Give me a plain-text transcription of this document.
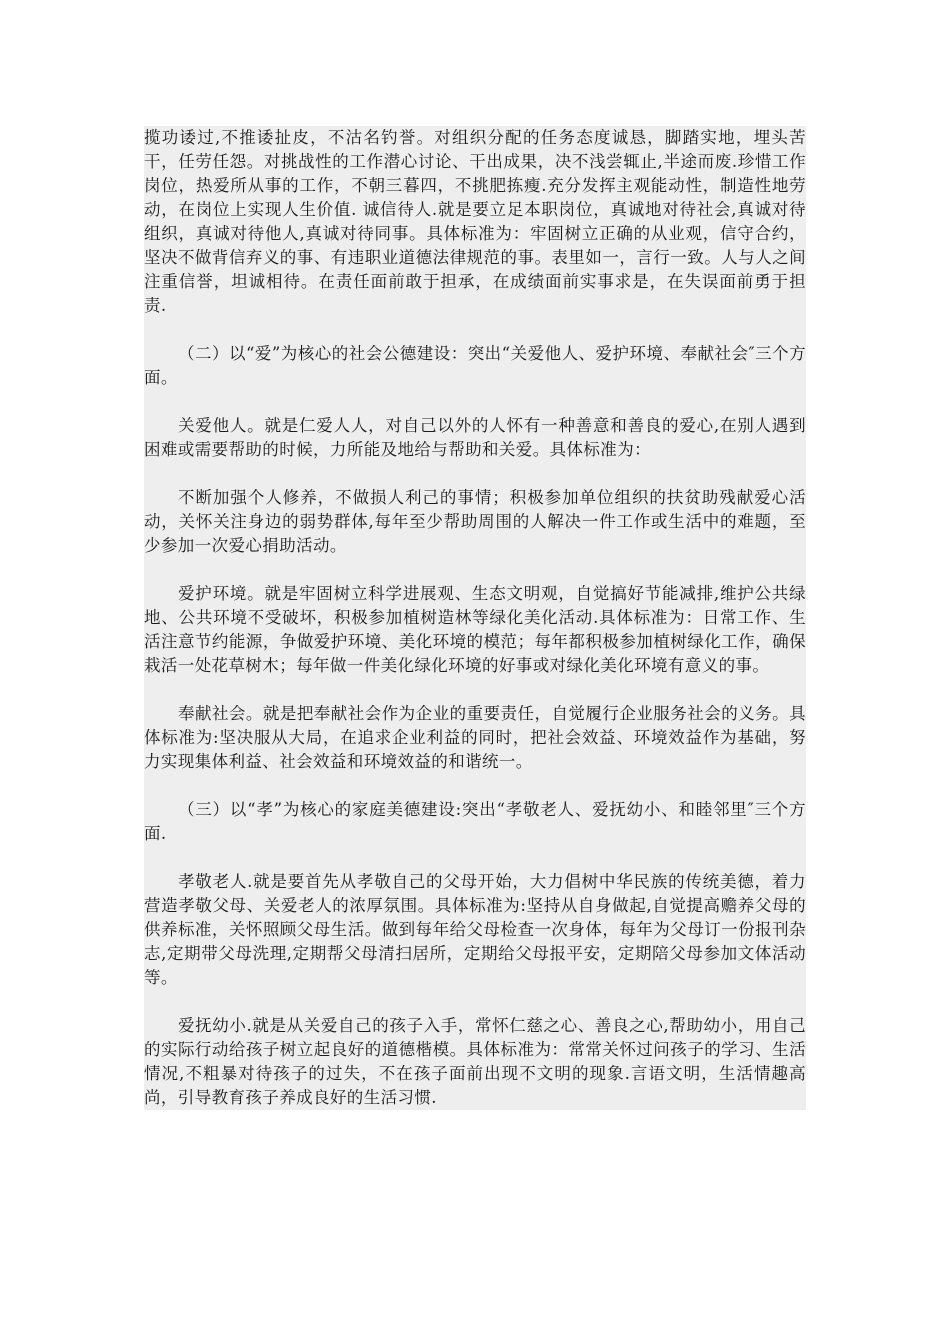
揽功诿过,不推诿扯皮，不沽名钓誉。对组织分配的任务态度诚恳，脚踏实地，埋头苦干，任劳任怨。对挑战性的工作潜心讨论、干出成果，决不浅尝辄止,半途而废.珍惜工作岗位，热爱所从事的工作，不朝三暮四，不挑肥拣瘦.充分发挥主观能动性，制造性地劳动，在岗位上实现人生价值. 诚信待人.就是要立足本职岗位，真诚地对待社会,真诚对待组织，真诚对待他人,真诚对待同事。具体标准为：牢固树立正确的从业观，信守合约，坚决不做背信弃义的事、有违职业道德法律规范的事。表里如一，言行一致。人与人之间注重信誉，坦诚相待。在责任面前敢于担承，在成绩面前实事求是，在失误面前勇于担责.

（二）以“爱”为核心的社会公德建设：突出“关爱他人、爱护环境、奉献社会″三个方面。

关爱他人。就是仁爱人人，对自己以外的人怀有一种善意和善良的爱心,在别人遇到困难或需要帮助的时候，力所能及地给与帮助和关爱。具体标准为：

不断加强个人修养，不做损人利己的事情；积极参加单位组织的扶贫助残献爱心活动，关怀关注身边的弱势群体,每年至少帮助周围的人解决一件工作或生活中的难题，至少参加一次爱心捐助活动。

爱护环境。就是牢固树立科学进展观、生态文明观，自觉搞好节能减排,维护公共绿地、公共环境不受破坏，积极参加植树造林等绿化美化活动.具体标准为：日常工作、生活注意节约能源，争做爱护环境、美化环境的模范；每年都积极参加植树绿化工作，确保栽活一处花草树木；每年做一件美化绿化环境的好事或对绿化美化环境有意义的事。

奉献社会。就是把奉献社会作为企业的重要责任，自觉履行企业服务社会的义务。具体标准为:坚决服从大局，在追求企业利益的同时，把社会效益、环境效益作为基础，努力实现集体利益、社会效益和环境效益的和谐统一。

（三）以“孝”为核心的家庭美德建设:突出“孝敬老人、爱抚幼小、和睦邻里″三个方面.

孝敬老人.就是要首先从孝敬自己的父母开始，大力倡树中华民族的传统美德，着力营造孝敬父母、关爱老人的浓厚氛围。具体标准为:坚持从自身做起,自觉提高赡养父母的供养标准，关怀照顾父母生活。做到每年给父母检查一次身体，每年为父母订一份报刊杂志,定期带父母洗理,定期帮父母清扫居所，定期给父母报平安，定期陪父母参加文体活动等。

爱抚幼小.就是从关爱自己的孩子入手，常怀仁慈之心、善良之心,帮助幼小，用自己的实际行动给孩子树立起良好的道德楷模。具体标准为：常常关怀过问孩子的学习、生活情况,不粗暴对待孩子的过失，不在孩子面前出现不文明的现象.言语文明，生活情趣高尚，引导教育孩子养成良好的生活习惯.
